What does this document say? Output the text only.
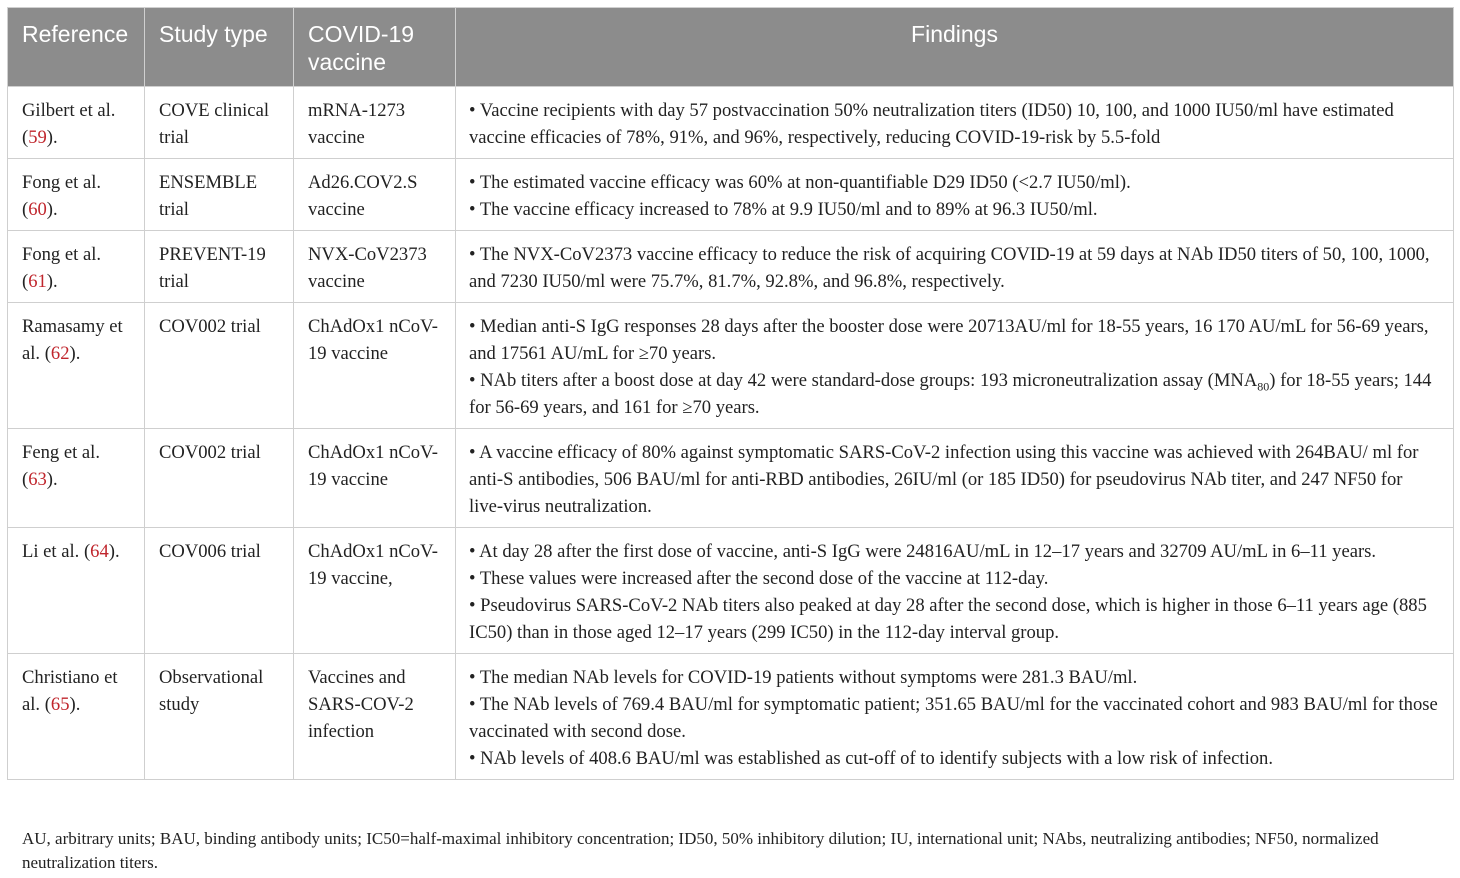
Reference	Study type	COVID-19 vaccine	Findings
Gilbert et al. (59).	COVE clinical trial	mRNA-1273 vaccine	• Vaccine recipients with day 57 postvaccination 50% neutralization titers (ID50) 10, 100, and 1000 IU50/ml have estimated vaccine efficacies of 78%, 91%, and 96%, respectively, reducing COVID-19-risk by 5.5-fold

Fong et al. (60).	ENSEMBLE trial	Ad26.COV2.S vaccine	• The estimated vaccine efficacy was 60% at non-quantifiable D29 ID50 (<2.7 IU50/ml).
• The vaccine efficacy increased to 78% at 9.9 IU50/ml and to 89% at 96.3 IU50/ml.

Fong et al. (61).	PREVENT-19 trial	NVX-CoV2373 vaccine	• The NVX-CoV2373 vaccine efficacy to reduce the risk of acquiring COVID-19 at 59 days at NAb ID50 titers of 50, 100, 1000, and 7230 IU50/ml were 75.7%, 81.7%, 92.8%, and 96.8%, respectively.

Ramasamy et al. (62).	COV002 trial	ChAdOx1 nCoV-19 vaccine	• Median anti-S IgG responses 28 days after the booster dose were 20713AU/ml for 18-55 years, 16 170 AU/mL for 56-69 years, and 17561 AU/mL for ≥70 years.
• NAb titers after a boost dose at day 42 were standard-dose groups: 193 microneutralization assay $(MNA_{80})$ for 18-55 years; 144 for 56-69 years, and 161 for ≥70 years.

Feng et al. (63).	COV002 trial	ChAdOx1 nCoV-19 vaccine	• A vaccine efficacy of 80% against symptomatic SARS-CoV-2 infection using this vaccine was achieved with 264BAU/ ml for anti-S antibodies, 506 BAU/ml for anti-RBD antibodies, 26IU/ml (or 185 ID50) for pseudovirus NAb titer, and 247 NF50 for live-virus neutralization.

Li et al. (64).	COV006 trial	ChAdOx1 nCoV-19 vaccine,	• At day 28 after the first dose of vaccine, anti-S IgG were 24816AU/mL in 12–17 years and 32709 AU/mL in 6–11 years.
• These values were increased after the second dose of the vaccine at 112-day.
• Pseudovirus SARS-CoV-2 NAb titers also peaked at day 28 after the second dose, which is higher in those 6–11 years age (885 IC50) than in those aged 12–17 years (299 IC50) in the 112-day interval group.

Christiano et al. (65).	Observational study	Vaccines and SARS-COV-2 infection	• The median NAb levels for COVID-19 patients without symptoms were 281.3 BAU/ml.
• The NAb levels of 769.4 BAU/ml for symptomatic patient; 351.65 BAU/ml for the vaccinated cohort and 983 BAU/ml for those vaccinated with second dose.
• NAb levels of 408.6 BAU/ml was established as cut-off of to identify subjects with a low risk of infection.
AU, arbitrary units; BAU, binding antibody units; IC50=half-maximal inhibitory concentration; ID50, 50% inhibitory dilution; IU, international unit; NAbs, neutralizing antibodies; NF50, normalized neutralization titers.
